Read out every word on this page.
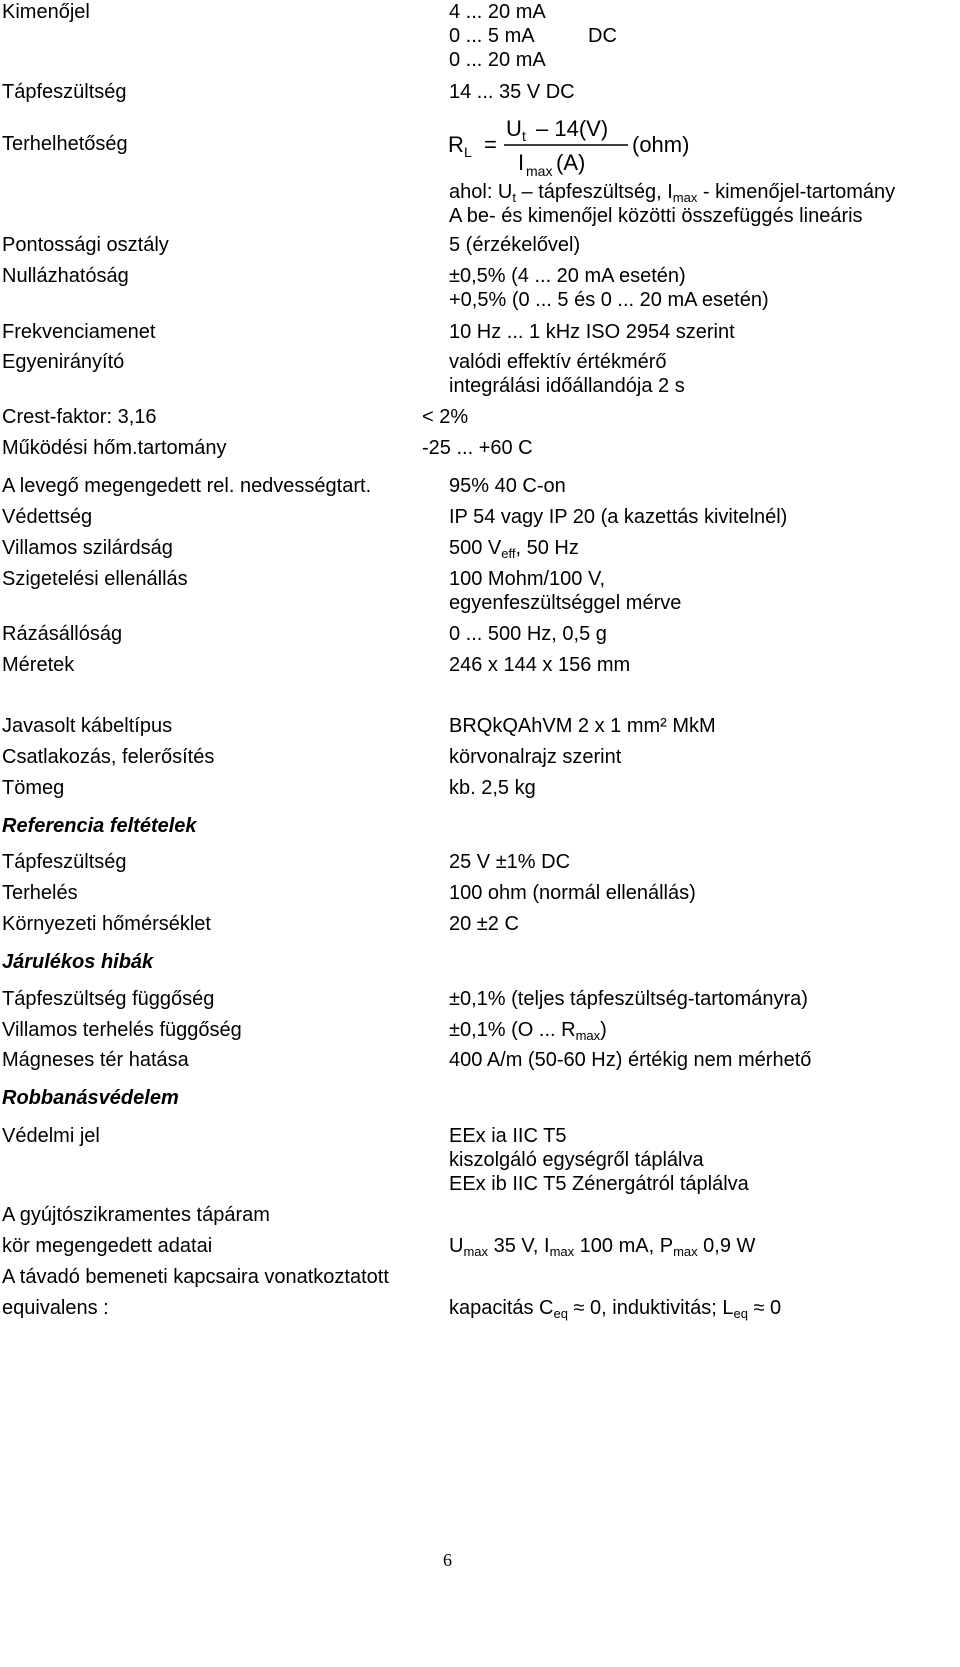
Kimenőjel	4 ... 20 mA
0 ... 5 mA	DC
0 ... 20 mA
Tápfeszültség	14 ... 35 V DC
Terhelhetőség	R L =
U t – 14(V)
I max (A)
(ohm)
ahol: $U_t$ – tápfeszültség, $I_{max}$ - kimenőjel-tartomány
A be- és kimenőjel közötti összefüggés lineáris
Pontossági osztály	5 (érzékelővel)
Nullázhatóság	±0,5% (4 ... 20 mA esetén)
+0,5% (0 ... 5 és 0 ... 20 mA esetén)
Frekvenciamenet	10 Hz ... 1 kHz ISO 2954 szerint
Egyenirányító	valódi effektív értékmérő
integrálási időállandója 2 s
Crest-faktor: 3,16	< 2%
Működési hőm.tartomány	-25 ... +60 C
A levegő megengedett rel. nedvességtart.	95% 40 C-on
Védettség	IP 54 vagy IP 20 (a kazettás kivitelnél)
Villamos szilárdság	500 $V_{eff}$, 50 Hz
Szigetelési ellenállás	100 Mohm/100 V,
egyenfeszültséggel mérve
Rázásállóság	0 ... 500 Hz, 0,5 g
Méretek	246 x 144 x 156 mm
Javasolt kábeltípus	BRQkQAhVM 2 x 1 mm² MkM
Csatlakozás, felerősítés	körvonalrajz szerint
Tömeg	kb. 2,5 kg
Referencia feltételek
Tápfeszültség	25 V ±1% DC
Terhelés	100 ohm (normál ellenállás)
Környezeti hőmérséklet	20 ±2 C
Járulékos hibák
Tápfeszültség függőség	±0,1% (teljes tápfeszültség-tartományra)
Villamos terhelés függőség	±0,1% (O ... $R_{max}$)
Mágneses tér hatása	400 A/m (50-60 Hz) értékig nem mérhető
Robbanásvédelem
Védelmi jel	EEx ia IIC T5
kiszolgáló egységről táplálva
EEx ib IIC T5 Zénergátról táplálva
A gyújtószikramentes tápáram
kör megengedett adatai	$U_{max}$ 35 V, $I_{max}$ 100 mA, $P_{max}$ 0,9 W
A távadó bemeneti kapcsaira vonatkoztatott
equivalens :	kapacitás $C_{eq} \approx 0$, induktivitás; $L_{eq} \approx 0$
6
